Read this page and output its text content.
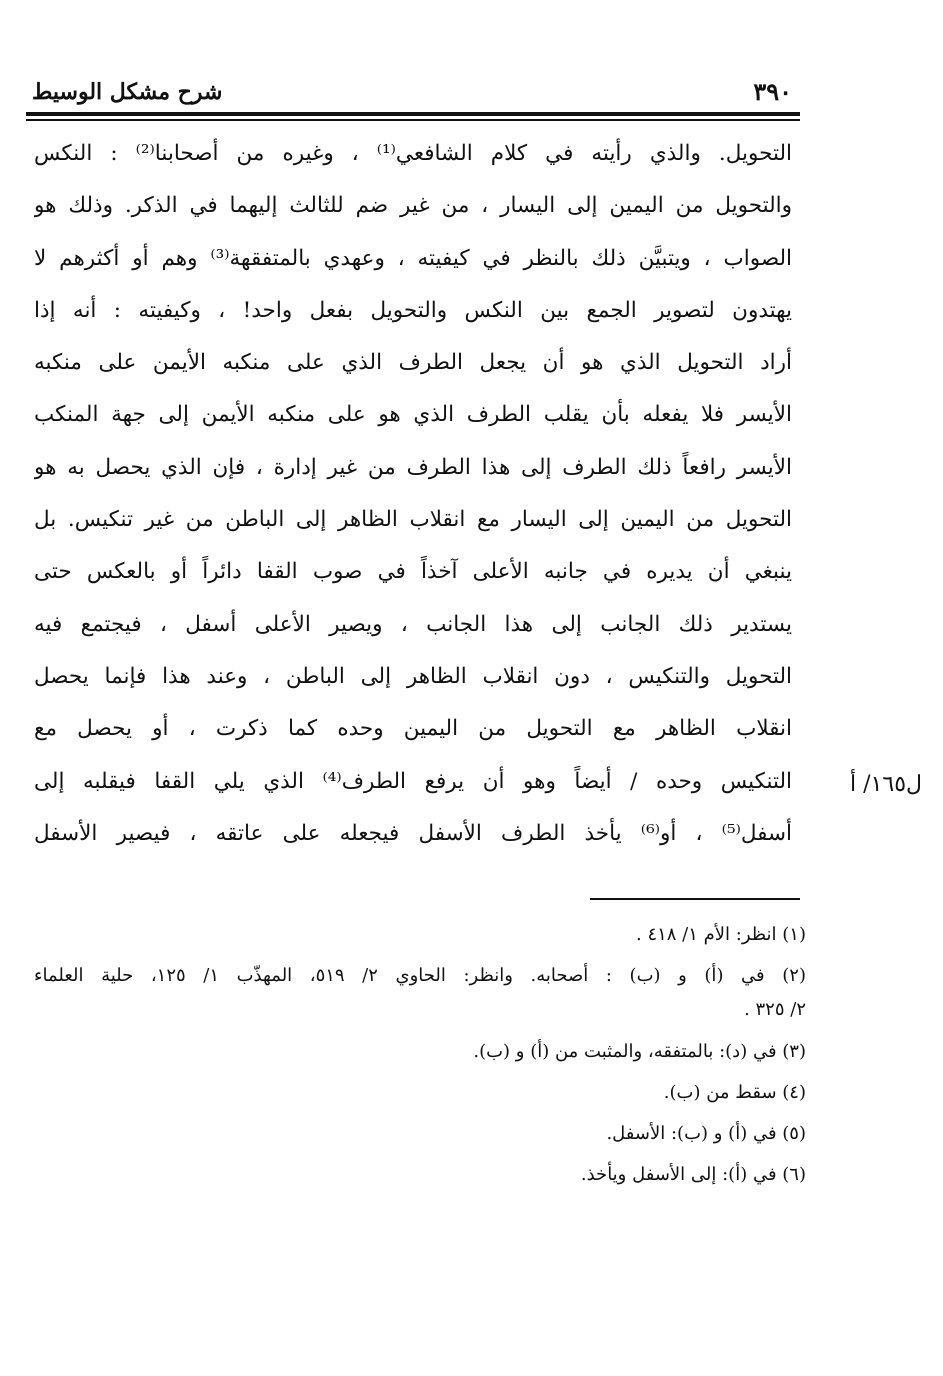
شرح مشكل الوسيط	٣٩٠
التحويل. والذي رأيته في كلام الشافعي⁽¹⁾ ، وغيره من أصحابنا⁽²⁾ : النكس
والتحويل من اليمين إلى اليسار ، من غير ضم للثالث إليهما في الذكر. وذلك هو
الصواب ، ويتبيَّن ذلك بالنظر في كيفيته ، وعهدي بالمتفقهة⁽³⁾ وهم أو أكثرهم لا
يهتدون لتصوير الجمع بين النكس والتحويل بفعل واحد! ، وكيفيته : أنه إذا
أراد التحويل الذي هو أن يجعل الطرف الذي على منكبه الأيمن على منكبه
الأيسر فلا يفعله بأن يقلب الطرف الذي هو على منكبه الأيمن إلى جهة المنكب
الأيسر رافعاً ذلك الطرف إلى هذا الطرف من غير إدارة ، فإن الذي يحصل به هو
التحويل من اليمين إلى اليسار مع انقلاب الظاهر إلى الباطن من غير تنكيس. بل
ينبغي أن يديره في جانبه الأعلى آخذاً في صوب القفا دائراً أو بالعكس حتى
يستدير ذلك الجانب إلى هذا الجانب ، ويصير الأعلى أسفل ، فيجتمع فيه
التحويل والتنكيس ، دون انقلاب الظاهر إلى الباطن ، وعند هذا فإنما يحصل
انقلاب الظاهر مع التحويل من اليمين وحده كما ذكرت ، أو يحصل مع
التنكيس وحده / أيضاً وهو أن يرفع الطرف⁽⁴⁾ الذي يلي القفا فيقلبه إلى
أسفل⁽⁵⁾ ، أو⁽⁶⁾ يأخذ الطرف الأسفل فيجعله على عاتقه ، فيصير الأسفل
ل١٦٥/ أ

(١) انظر: الأم ١/ ٤١٨ .

(٢) في (أ) و (ب) : أصحابه. وانظر: الحاوي ٢/ ٥١٩، المهذّب ١/ ١٢٥، حلية العلماء
٢/ ٣٢٥ .

(٣) في (د): بالمتفقه، والمثبت من (أ) و (ب).

(٤) سقط من (ب).

(٥) في (أ) و (ب): الأسفل.

(٦) في (أ): إلى الأسفل ويأخذ.
